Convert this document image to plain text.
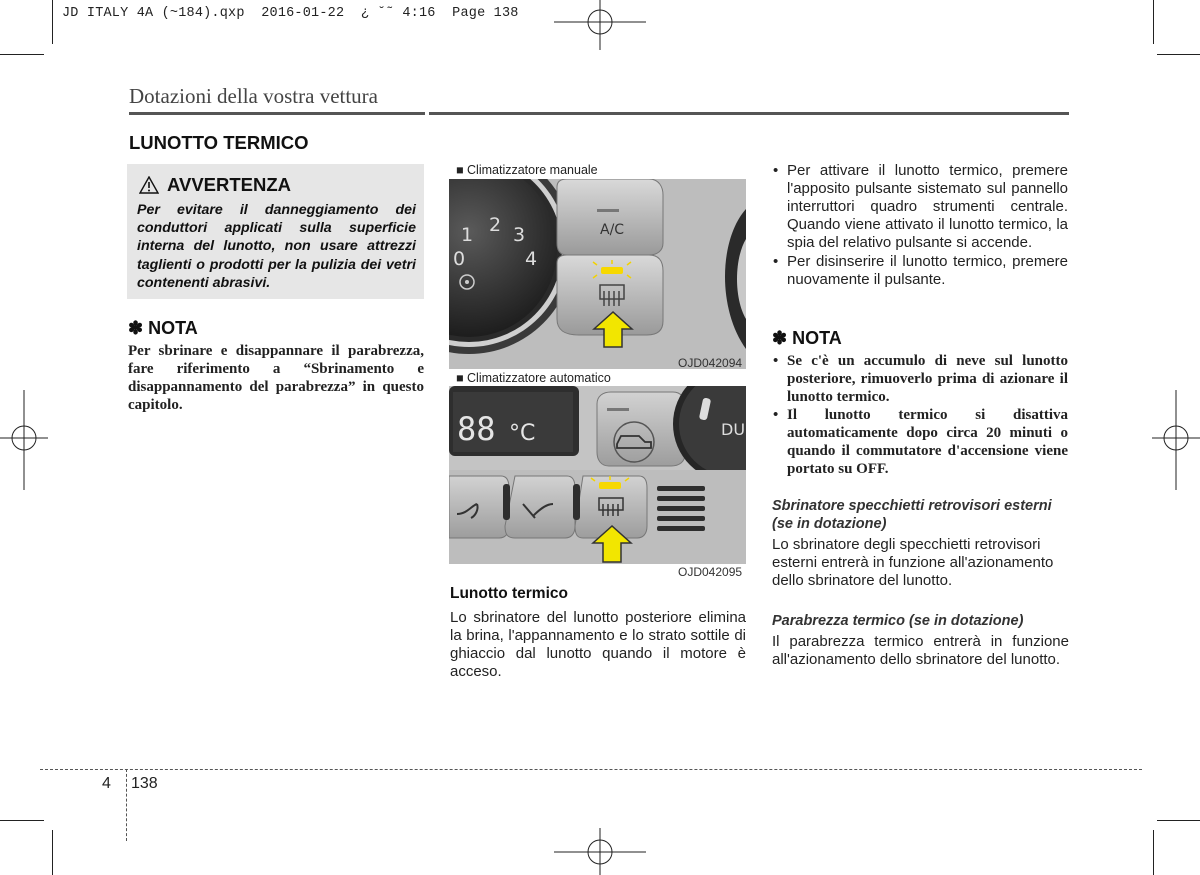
JD ITALY 4A (~184).qxp  2016-01-22  ¿ ˘˜ 4:16  Page 138
Dotazioni della vostra vettura
LUNOTTO TERMICO
AVVERTENZA
Per evitare il danneggiamento dei conduttori applicati sulla superficie interna del lunotto, non usare attrezzi taglienti o prodotti per la pulizia dei vetri contenenti abrasivi.
✽ NOTA
Per sbrinare e disappannare il parabrezza, fare riferimento a “Sbrinamento e disappannamento del parabrezza” in questo capitolo.
■ Climatizzatore manuale
A/C
1 2 3
0	4
OJD042094
■ Climatizzatore automatico
88 °C	DU
OJD042095
Lunotto termico
Lo sbrinatore del lunotto posteriore elimina la brina, l'appannamento e lo strato sottile di ghiaccio dal lunotto quando il motore è acceso.
• Per attivare il lunotto termico, premere l'apposito pulsante sistemato sul pannello interruttori quadro strumenti centrale. Quando viene attivato il lunotto termico, la spia del relativo pulsante si accende.
• Per disinserire il lunotto termico, premere nuovamente il pulsante.
✽ NOTA
• Se c'è un accumulo di neve sul lunotto posteriore, rimuoverlo prima di azionare il lunotto termico.
• Il lunotto termico si disattiva automaticamente dopo circa 20 minuti o quando il commutatore d'accensione viene portato su OFF.
Sbrinatore specchietti retrovisori esterni (se in dotazione)
Lo sbrinatore degli specchietti retrovisori esterni entrerà in funzione all'azionamento dello sbrinatore del lunotto.
Parabrezza termico (se in dotazione)
Il parabrezza termico entrerà in funzione all'azionamento dello sbrinatore del lunotto.
4 138
